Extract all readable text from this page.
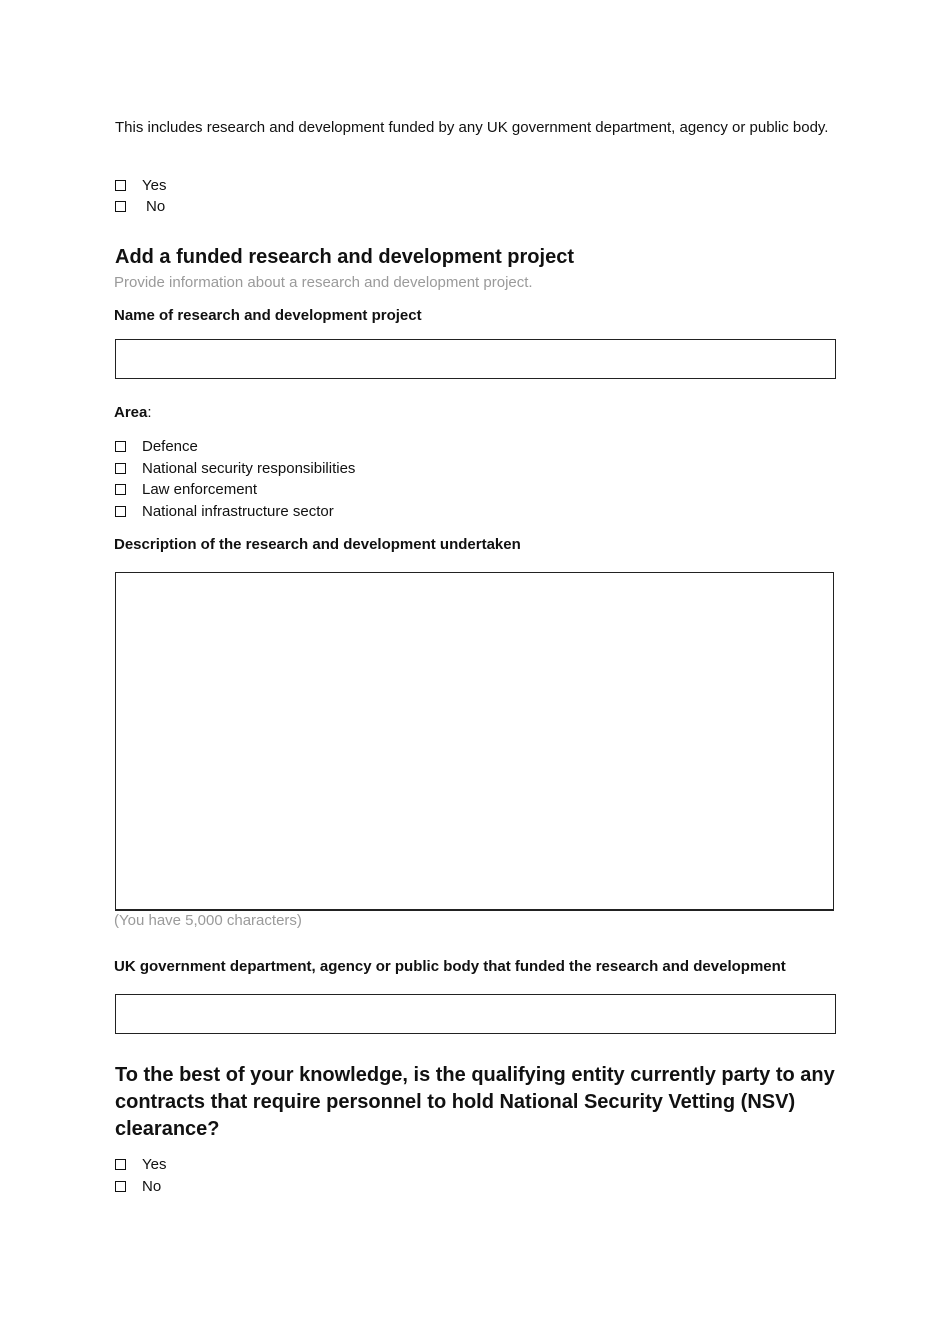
This includes research and development funded by any UK government department, agency or public body.
Yes
No
Add a funded research and development project
Provide information about a research and development project.
Name of research and development project
Area:
Defence
National security responsibilities
Law enforcement
National infrastructure sector
Description of the research and development undertaken
(You have 5,000 characters)
UK government department, agency or public body that funded the research and development
To the best of your knowledge, is the qualifying entity currently party to any contracts that require personnel to hold National Security Vetting (NSV) clearance?
Yes
No
